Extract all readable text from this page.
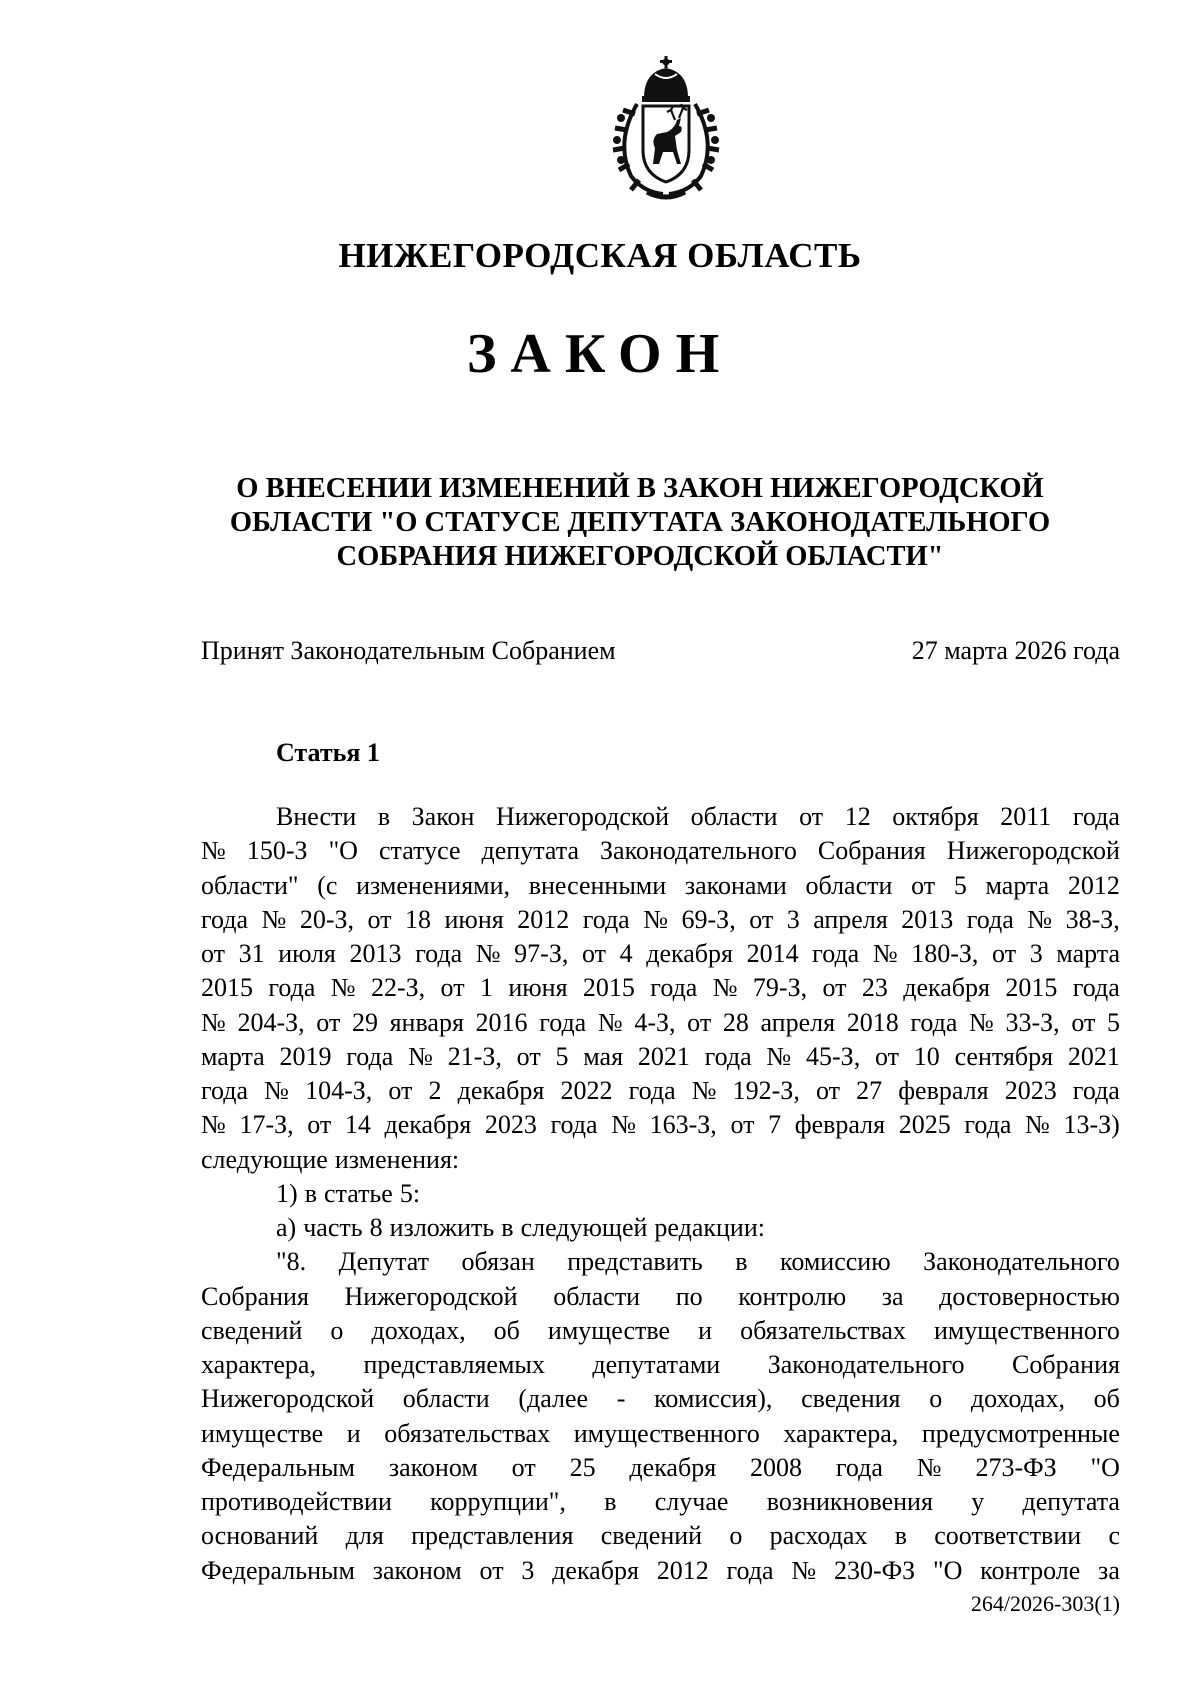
НИЖЕГОРОДСКАЯ ОБЛАСТЬ
ЗАКОН
О ВНЕСЕНИИ ИЗМЕНЕНИЙ В ЗАКОН НИЖЕГОРОДСКОЙ
ОБЛАСТИ "О СТАТУСЕ ДЕПУТАТА ЗАКОНОДАТЕЛЬНОГО
СОБРАНИЯ НИЖЕГОРОДСКОЙ ОБЛАСТИ"
Принят Законодательным Собранием	27 марта 2026 года
Статья 1
Внести в Закон Нижегородской области от 12 октября 2011 года
№ 150-З "О статусе депутата Законодательного Собрания Нижегородской
области" (с изменениями, внесенными законами области от 5 марта 2012
года № 20-З, от 18 июня 2012 года № 69-З, от 3 апреля 2013 года № 38-З,
от 31 июля 2013 года № 97-З, от 4 декабря 2014 года № 180-З, от 3 марта
2015 года № 22-З, от 1 июня 2015 года № 79-З, от 23 декабря 2015 года
№ 204-З, от 29 января 2016 года № 4-З, от 28 апреля 2018 года № 33-З, от 5
марта 2019 года № 21-З, от 5 мая 2021 года № 45-З, от 10 сентября 2021
года № 104-З, от 2 декабря 2022 года № 192-З, от 27 февраля 2023 года
№ 17-З, от 14 декабря 2023 года № 163-З, от 7 февраля 2025 года № 13-З)
следующие изменения:
1) в статье 5:
а) часть 8 изложить в следующей редакции:
"8. Депутат обязан представить в комиссию Законодательного
Собрания Нижегородской области по контролю за достоверностью
сведений о доходах, об имуществе и обязательствах имущественного
характера, представляемых депутатами Законодательного Собрания
Нижегородской области (далее - комиссия), сведения о доходах, об
имуществе и обязательствах имущественного характера, предусмотренные
Федеральным законом от 25 декабря 2008 года № 273-ФЗ "О
противодействии коррупции", в случае возникновения у депутата
оснований для представления сведений о расходах в соответствии с
Федеральным законом от 3 декабря 2012 года № 230-ФЗ "О контроле за
264/2026-303(1)
